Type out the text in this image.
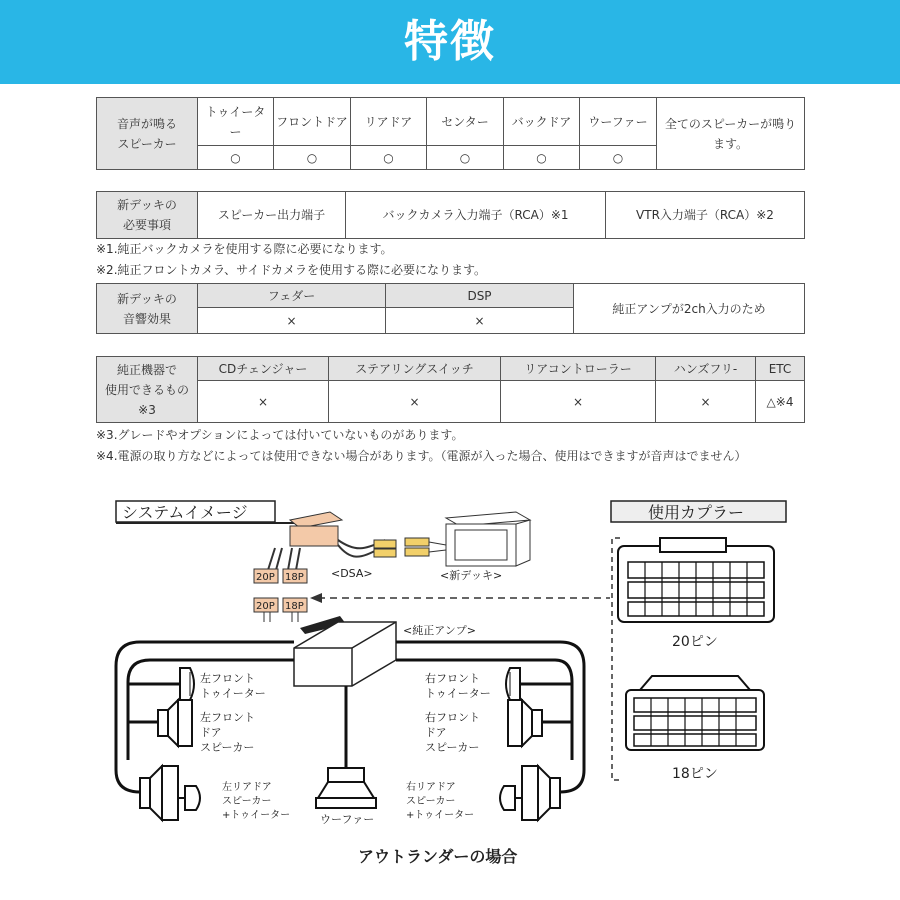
特徴
音声が鳴る
スピーカー	トゥイーター	フロントドア	リアドア	センター	バックドア	ウーファー	全てのスピーカーが鳴ります。
	○	○	○	○	○	○	
新デッキの
必要事項	スピーカー出力端子	バックカメラ入力端子（RCA）※1	VTR入力端子（RCA）※2
※1.純正バックカメラを使用する際に必要になります。
※2.純正フロントカメラ、サイドカメラを使用する際に必要になります。
新デッキの
音響効果	フェダー	DSP	純正アンプが2ch入力のため
	×	×	
純正機器で
使用できるもの
※3	CDチェンジャー	ステアリングスイッチ	リアコントローラー	ハンズフリ-	ETC
	×	×	×	×	△※4
※3.グレードやオプションによっては付いていないものがあります。
※4.電源の取り方などによっては使用できない場合があります。（電源が入った場合、使用はできますが音声はでません）
システムイメージ	使用カプラー
20P 18P <DSA>	<新デッキ>
20P 18P
<純正アンプ>
左フロント
トゥイーター
左フロント
ドア
スピーカー
左リアドア
スピーカー
+トゥイーター
右フロント
トゥイーター
右フロント
ドア
スピーカー
右リアドア
スピーカー
+トゥイーター
ウーファー
アウトランダーの場合
20ピン
18ピン
